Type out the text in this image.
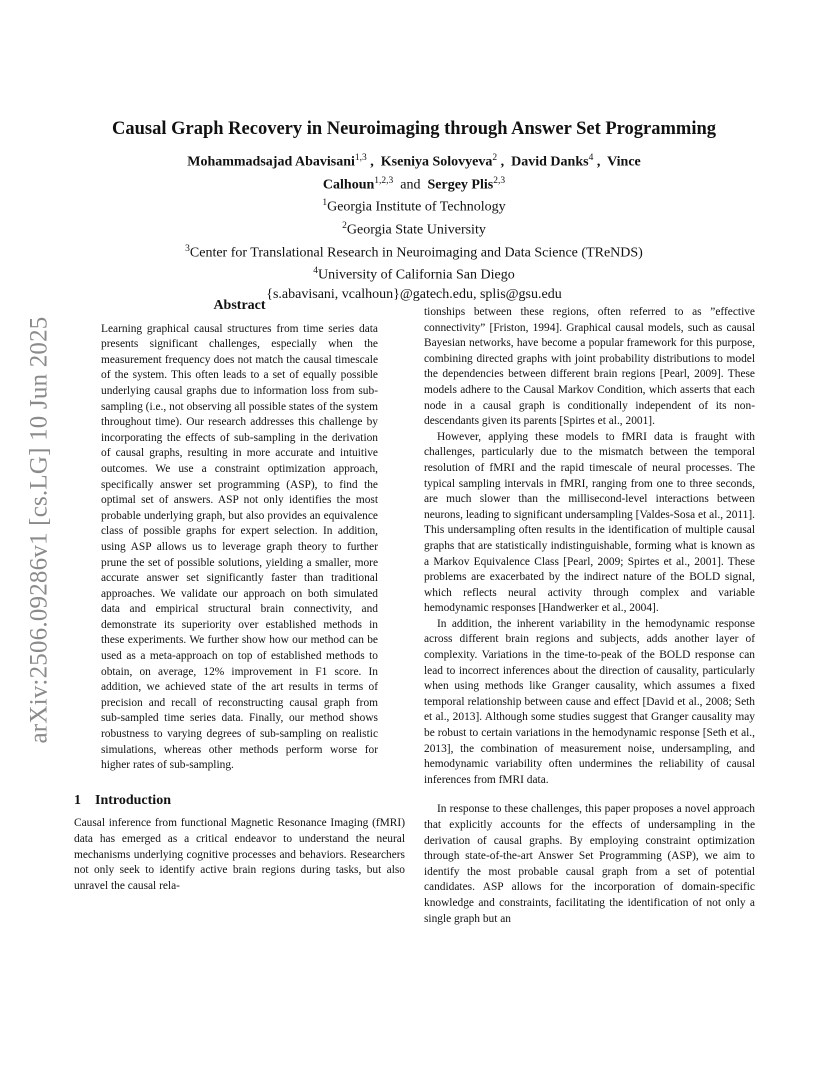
arXiv:2506.09286v1 [cs.LG] 10 Jun 2025
Causal Graph Recovery in Neuroimaging through Answer Set Programming
Mohammadsajad Abavisani$^{1,3}$ ,  Kseniya Solovyeva$^2$ ,  David Danks$^4$ ,  Vince
Calhoun$^{1,2,3}$ and Sergey Plis$^{2,3}$
$^1$Georgia Institute of Technology
$^2$Georgia State University
$^3$Center for Translational Research in Neuroimaging and Data Science (TReNDS)
$^4$University of California San Diego
{s.abavisani, vcalhoun}@gatech.edu, splis@gsu.edu
Abstract

Learning graphical causal structures from time series data presents significant challenges, especially when the measurement frequency does not match the causal timescale of the system. This often leads to a set of equally possible underlying causal graphs due to information loss from sub-sampling (i.e., not observing all possible states of the system throughout time). Our research addresses this challenge by incorporating the effects of sub-sampling in the derivation of causal graphs, resulting in more accurate and intuitive outcomes. We use a constraint optimization approach, specifically answer set programming (ASP), to find the optimal set of answers. ASP not only identifies the most probable underlying graph, but also provides an equivalence class of possible graphs for expert selection. In addition, using ASP allows us to leverage graph theory to further prune the set of possible solutions, yielding a smaller, more accurate answer set significantly faster than traditional approaches. We validate our approach on both simulated data and empirical structural brain connectivity, and demonstrate its superiority over established methods in these experiments. We further show how our method can be used as a meta-approach on top of established methods to obtain, on average, 12% improvement in F1 score. In addition, we achieved state of the art results in terms of precision and recall of reconstructing causal graph from sub-sampled time series data. Finally, our method shows robustness to varying degrees of sub-sampling on realistic simulations, whereas other methods perform worse for higher rates of sub-sampling.

1 Introduction

Causal inference from functional Magnetic Resonance Imaging (fMRI) data has emerged as a critical endeavor to understand the neural mechanisms underlying cognitive processes and behaviors. Researchers not only seek to identify active brain regions during tasks, but also unravel the causal rela-

tionships between these regions, often referred to as ”effective connectivity” [Friston, 1994]. Graphical causal models, such as causal Bayesian networks, have become a popular framework for this purpose, combining directed graphs with joint probability distributions to model the dependencies between different brain regions [Pearl, 2009]. These models adhere to the Causal Markov Condition, which asserts that each node in a causal graph is conditionally independent of its non-descendants given its parents [Spirtes et al., 2001].

However, applying these models to fMRI data is fraught with challenges, particularly due to the mismatch between the temporal resolution of fMRI and the rapid timescale of neural processes. The typical sampling intervals in fMRI, ranging from one to three seconds, are much slower than the millisecond-level interactions between neurons, leading to significant undersampling [Valdes-Sosa et al., 2011]. This undersampling often results in the identification of multiple causal graphs that are statistically indistinguishable, forming what is known as a Markov Equivalence Class [Pearl, 2009; Spirtes et al., 2001]. These problems are exacerbated by the indirect nature of the BOLD signal, which reflects neural activity through complex and variable hemodynamic responses [Handwerker et al., 2004].

In addition, the inherent variability in the hemodynamic response across different brain regions and subjects, adds another layer of complexity. Variations in the time-to-peak of the BOLD response can lead to incorrect inferences about the direction of causality, particularly when using methods like Granger causality, which assumes a fixed temporal relationship between cause and effect [David et al., 2008; Seth et al., 2013]. Although some studies suggest that Granger causality may be robust to certain variations in the hemodynamic response [Seth et al., 2013], the combination of measurement noise, undersampling, and hemodynamic variability often undermines the reliability of causal inferences from fMRI data.

In response to these challenges, this paper proposes a novel approach that explicitly accounts for the effects of undersampling in the derivation of causal graphs. By employing constraint optimization through state-of-the-art Answer Set Programming (ASP), we aim to identify the most probable causal graph from a set of potential candidates. ASP allows for the incorporation of domain-specific knowledge and constraints, facilitating the identification of not only a single graph but an
